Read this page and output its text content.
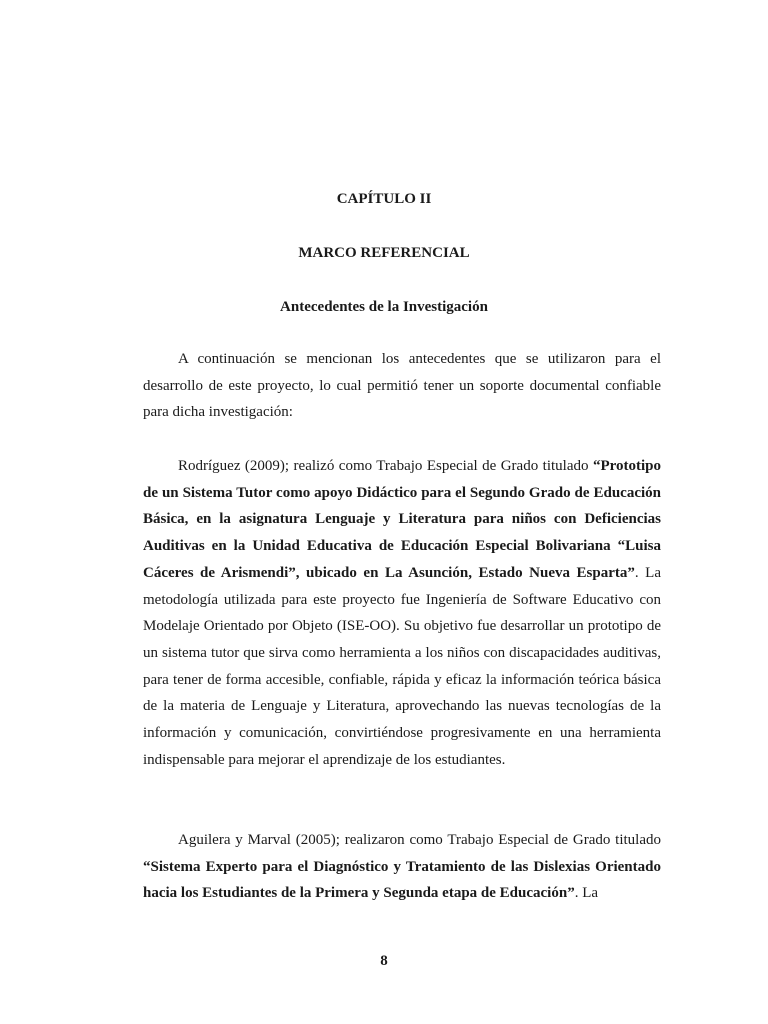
CAPÍTULO II
MARCO REFERENCIAL
Antecedentes de la Investigación

A continuación se mencionan los antecedentes que se utilizaron para el desarrollo de este proyecto, lo cual permitió tener un soporte documental confiable para dicha investigación:

Rodríguez (2009); realizó como Trabajo Especial de Grado titulado “Prototipo de un Sistema Tutor como apoyo Didáctico para el Segundo Grado de Educación Básica, en la asignatura Lenguaje y Literatura para niños con Deficiencias Auditivas en la Unidad Educativa de Educación Especial Bolivariana “Luisa Cáceres de Arismendi”, ubicado en La Asunción, Estado Nueva Esparta”. La metodología utilizada para este proyecto fue Ingeniería de Software Educativo con Modelaje Orientado por Objeto (ISE-OO). Su objetivo fue desarrollar un prototipo de un sistema tutor que sirva como herramienta a los niños con discapacidades auditivas, para tener de forma accesible, confiable, rápida y eficaz la información teórica básica de la materia de Lenguaje y Literatura, aprovechando las nuevas tecnologías de la información y comunicación, convirtiéndose progresivamente en una herramienta indispensable para mejorar el aprendizaje de los estudiantes.

Aguilera y Marval (2005); realizaron como Trabajo Especial de Grado titulado “Sistema Experto para el Diagnóstico y Tratamiento de las Dislexias Orientado hacia los Estudiantes de la Primera y Segunda etapa de Educación”. La

8
